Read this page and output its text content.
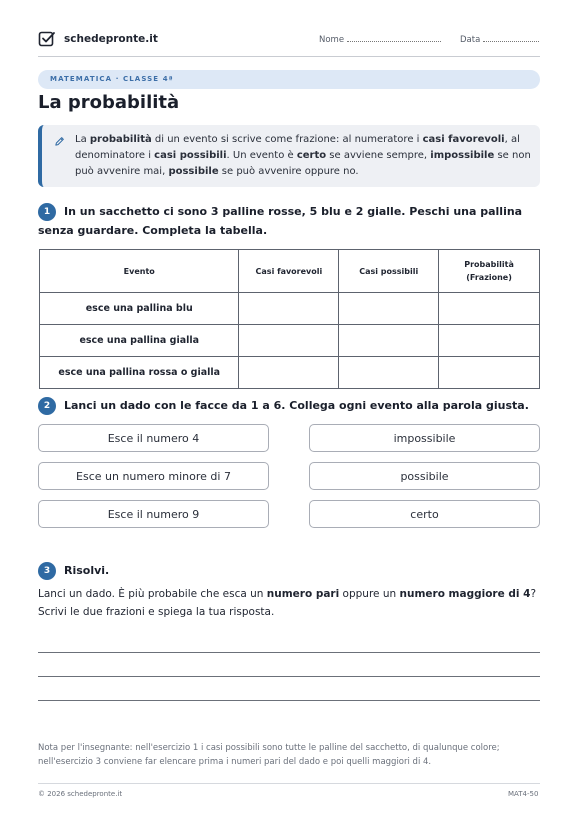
schedepronte.it	Nome	Data
MATEMATICA · CLASSE 4ª
La probabilità

La probabilità di un evento si scrive come frazione: al numeratore i casi favorevoli, al denominatore i casi possibili. Un evento è certo se avviene sempre, impossibile se non può avvenire mai, possibile se può avvenire oppure no.

1	In un sacchetto ci sono 3 palline rosse, 5 blu e 2 gialle. Peschi una pallina senza guardare. Completa la tabella.
Evento	Casi favorevoli	Casi possibili	Probabilità
(Frazione)
esce una pallina blu			
esce una pallina gialla			
esce una pallina rossa o gialla			
2	Lanci un dado con le facce da 1 a 6. Collega ogni evento alla parola giusta.
Esce il numero 4
Esce un numero minore di 7
Esce il numero 9
impossibile
possibile
certo
3	Risolvi.
Lanci un dado. È più probabile che esca un numero pari oppure un numero maggiore di 4?
Scrivi le due frazioni e spiega la tua risposta.
Nota per l'insegnante: nell'esercizio 1 i casi possibili sono tutte le palline del sacchetto, di qualunque colore; nell'esercizio 3 conviene far elencare prima i numeri pari del dado e poi quelli maggiori di 4.
© 2026 schedepronte.it	MAT4-50
